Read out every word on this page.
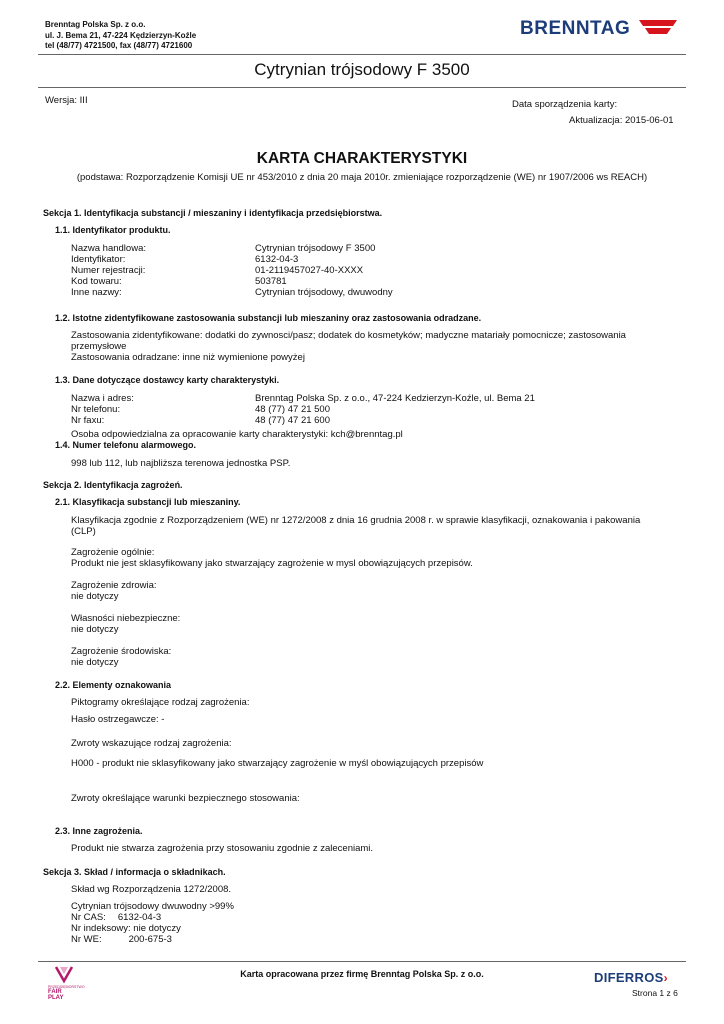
Brenntag Polska Sp. z o.o.
ul. J. Bema 21, 47-224 Kędzierzyn-Koźle
tel (48/77) 4721500, fax (48/77) 4721600
BRENNTAG
Cytrynian trójsodowy F 3500
Wersja: III	Data sporządzenia karty:
Aktualizacja: 2015-06-01
KARTA CHARAKTERYSTYKI
(podstawa: Rozporządzenie Komisji UE nr 453/2010 z dnia 20 maja 2010r. zmieniające rozporządzenie (WE) nr 1907/2006 ws REACH)
Sekcja 1. Identyfikacja substancji / mieszaniny i identyfikacja przedsiębiorstwa.
1.1. Identyfikator produktu.
Nazwa handlowa:	Cytrynian trójsodowy F 3500
Identyfikator:	6132-04-3
Numer rejestracji:	01-2119457027-40-XXXX
Kod towaru:	503781
Inne nazwy:	Cytrynian trójsodowy, dwuwodny
1.2. Istotne zidentyfikowane zastosowania substancji lub mieszaniny oraz zastosowania odradzane.
Zastosowania zidentyfikowane: dodatki do zywnosci/pasz; dodatek do kosmetyków; madyczne matariały pomocnicze; zastosowania
przemysłowe
Zastosowania odradzane: inne niż wymienione powyżej
1.3. Dane dotyczące dostawcy karty charakterystyki.
Nazwa i adres:	Brenntag Polska Sp. z o.o., 47-224 Kedzierzyn-Koźle, ul. Bema 21
Nr telefonu:	48 (77) 47 21 500
Nr faxu:	48 (77) 47 21 600
Osoba odpowiedzialna za opracowanie karty charakterystyki: kch@brenntag.pl
1.4. Numer telefonu alarmowego.
998 lub 112, lub najbliższa terenowa jednostka PSP.
Sekcja 2. Identyfikacja zagrożeń.
2.1. Klasyfikacja substancji lub mieszaniny.
Klasyfikacja zgodnie z Rozporządzeniem (WE) nr 1272/2008 z dnia 16 grudnia 2008 r. w sprawie klasyfikacji, oznakowania i pakowania
(CLP)
Zagrożenie ogólnie:
Produkt nie jest sklasyfikowany jako stwarzający zagrożenie w mysl obowiązujących przepisów.
Zagrożenie zdrowia:
nie dotyczy
Własności niebezpieczne:
nie dotyczy
Zagrożenie środowiska:
nie dotyczy
2.2. Elementy oznakowania
Piktogramy określające rodzaj zagrożenia:
Hasło ostrzegawcze: -
Zwroty wskazujące rodzaj zagrożenia:
H000 - produkt nie sklasyfikowany jako stwarzający zagrożenie w myśl obowiązujących przepisów
Zwroty określające warunki bezpiecznego stosowania:
2.3. Inne zagrożenia.
Produkt nie stwarza zagrożenia przy stosowaniu zgodnie z zaleceniami.
Sekcja 3. Skład / informacja o składnikach.
Skład wg Rozporządzenia 1272/2008.
Cytrynian trójsodowy dwuwodny >99%
Nr CAS: 6132-04-3
Nr indeksowy: nie dotyczy
Nr WE:	200-675-3
PRZEDSIĘBIORSTWO
FAIR PLAY
Karta opracowana przez firmę Brenntag Polska Sp. z o.o.	DIFERROS›
Strona 1 z 6
